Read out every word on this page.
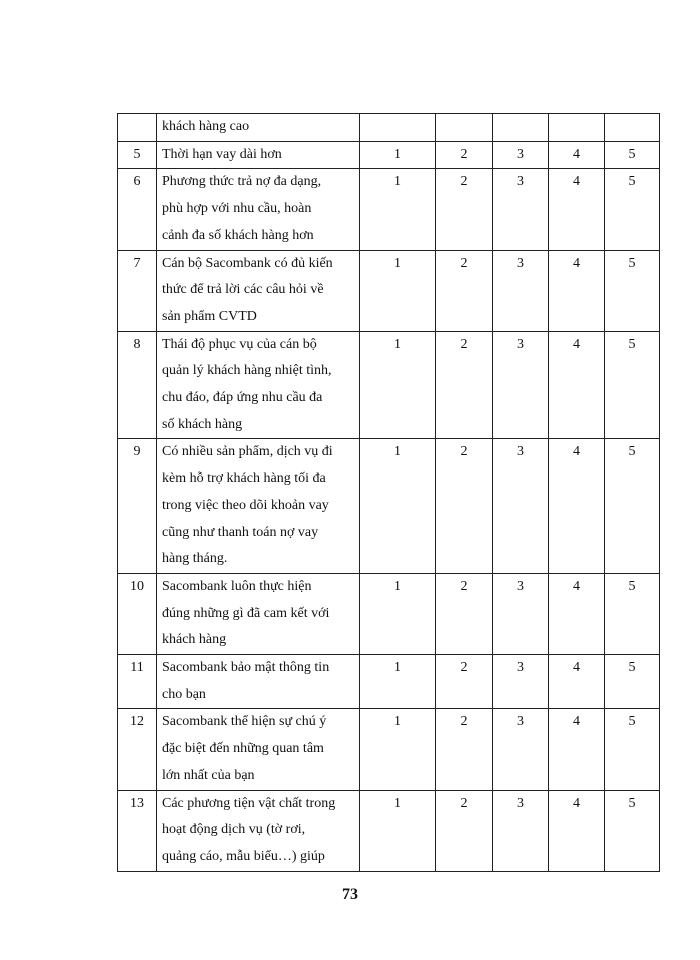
	khách hàng cao					
5	Thời hạn vay dài hơn	1	2	3	4	5
6	Phương thức trả nợ đa dạng,
phù hợp với nhu cầu, hoàn
cảnh đa số khách hàng hơn	1	2	3	4	5
7	Cán bộ Sacombank có đủ kiến
thức để trả lời các câu hỏi về
sản phẩm CVTD	1	2	3	4	5
8	Thái độ phục vụ của cán bộ
quản lý khách hàng nhiệt tình,
chu đáo, đáp ứng nhu cầu đa
số khách hàng	1	2	3	4	5
9	Có nhiều sản phẩm, dịch vụ đi
kèm hỗ trợ khách hàng tối đa
trong việc theo dõi khoản vay
cũng như thanh toán nợ vay
hàng tháng.	1	2	3	4	5
10	Sacombank luôn thực hiện
đúng những gì đã cam kết với
khách hàng	1	2	3	4	5
11	Sacombank bảo mật thông tin
cho bạn	1	2	3	4	5
12	Sacombank thể hiện sự chú ý
đặc biệt đến những quan tâm
lớn nhất của bạn	1	2	3	4	5
13	Các phương tiện vật chất trong
hoạt động dịch vụ (tờ rơi,
quảng cáo, mẫu biểu…) giúp	1	2	3	4	5
73
